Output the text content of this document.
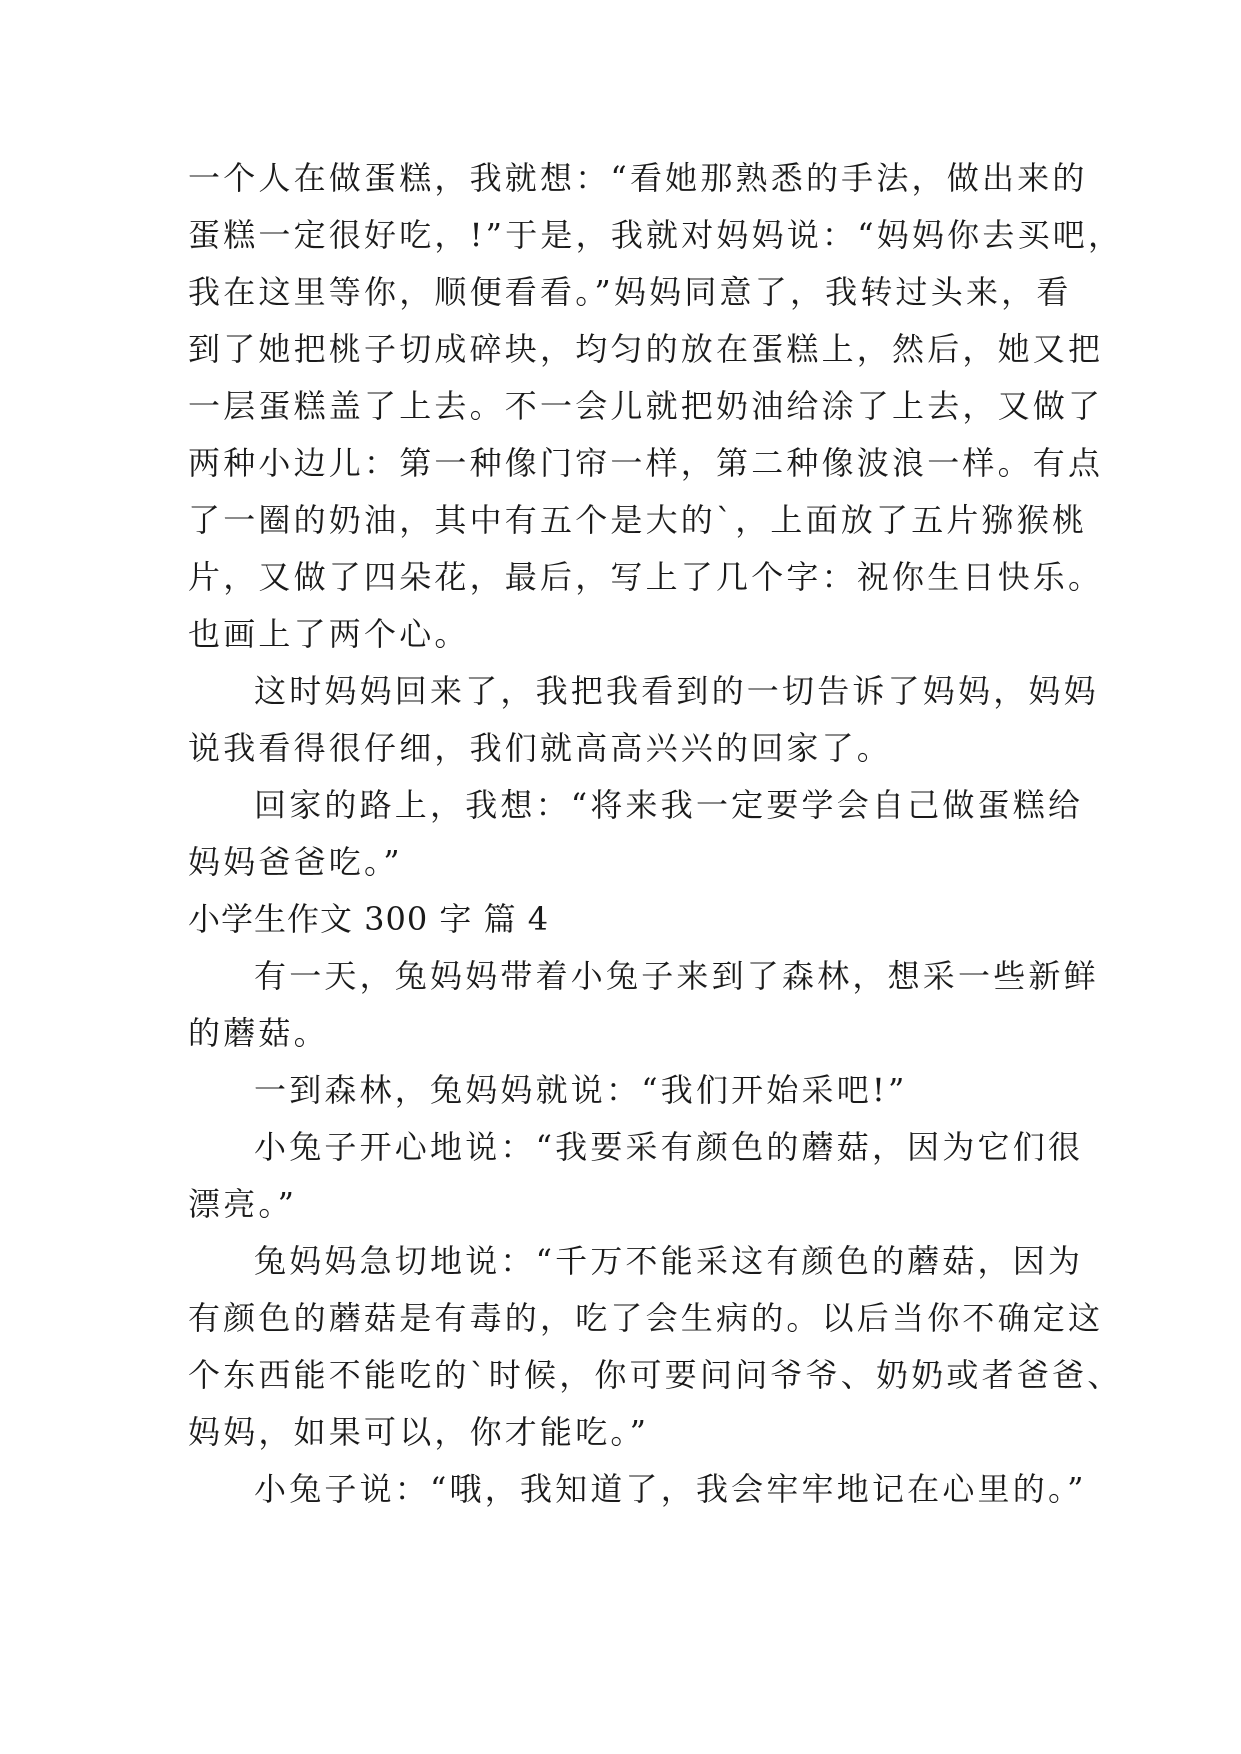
一个人在做蛋糕，我就想：“看她那熟悉的手法，做出来的
蛋糕一定很好吃，!”于是，我就对妈妈说：“妈妈你去买吧，
我在这里等你，顺便看看。”妈妈同意了，我转过头来，看
到了她把桃子切成碎块，均匀的放在蛋糕上，然后，她又把
一层蛋糕盖了上去。不一会儿就把奶油给涂了上去，又做了
两种小边儿：第一种像门帘一样，第二种像波浪一样。有点
了一圈的奶油，其中有五个是大的`，上面放了五片猕猴桃
片，又做了四朵花，最后，写上了几个字：祝你生日快乐。
也画上了两个心。
这时妈妈回来了，我把我看到的一切告诉了妈妈，妈妈
说我看得很仔细，我们就高高兴兴的回家了。
回家的路上，我想：“将来我一定要学会自己做蛋糕给
妈妈爸爸吃。”
小学生作文 300 字 篇 4
有一天，兔妈妈带着小兔子来到了森林，想采一些新鲜
的蘑菇。
一到森林，兔妈妈就说：“我们开始采吧!”
小兔子开心地说：“我要采有颜色的蘑菇，因为它们很
漂亮。”
兔妈妈急切地说：“千万不能采这有颜色的蘑菇，因为
有颜色的蘑菇是有毒的，吃了会生病的。以后当你不确定这
个东西能不能吃的`时候，你可要问问爷爷、奶奶或者爸爸、
妈妈，如果可以，你才能吃。”
小兔子说：“哦，我知道了，我会牢牢地记在心里的。”
